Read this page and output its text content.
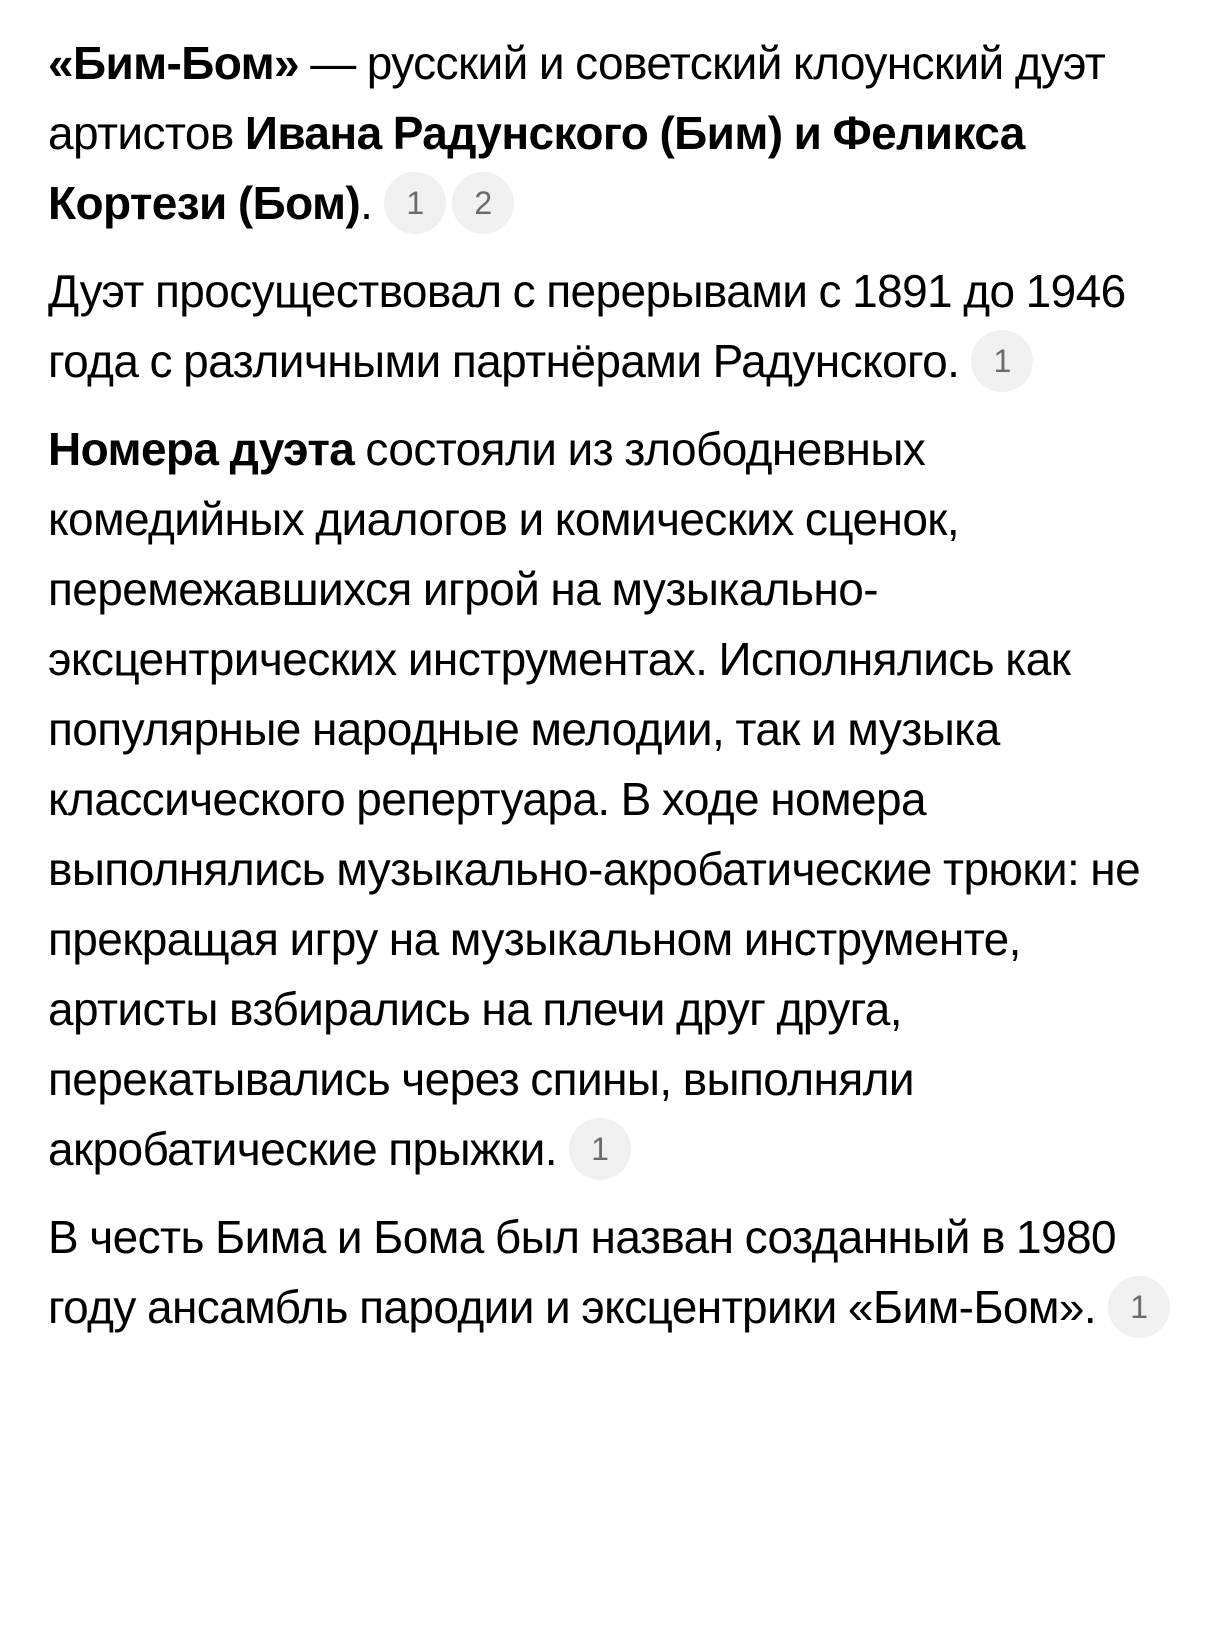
«Бим-Бом» — русский и советский клоунский дуэт артистов Ивана Радунского (Бим) и Феликса Кортези (Бом). 1 2

Дуэт просуществовал с перерывами с 1891 до 1946 года с различными партнёрами Радунского. 1

Номера дуэта состояли из злободневных комедийных диалогов и комических сценок, перемежавшихся игрой на музыкально-эксцентрических инструментах. Исполнялись как популярные народные мелодии, так и музыка классического репертуара. В ходе номера выполнялись музыкально-акробатические трюки: не прекращая игру на музыкальном инструменте, артисты взбирались на плечи друг друга, перекатывались через спины, выполняли акробатические прыжки. 1

В честь Бима и Бома был назван созданный в 1980 году ансамбль пародии и эксцентрики «Бим-Бом». 1
